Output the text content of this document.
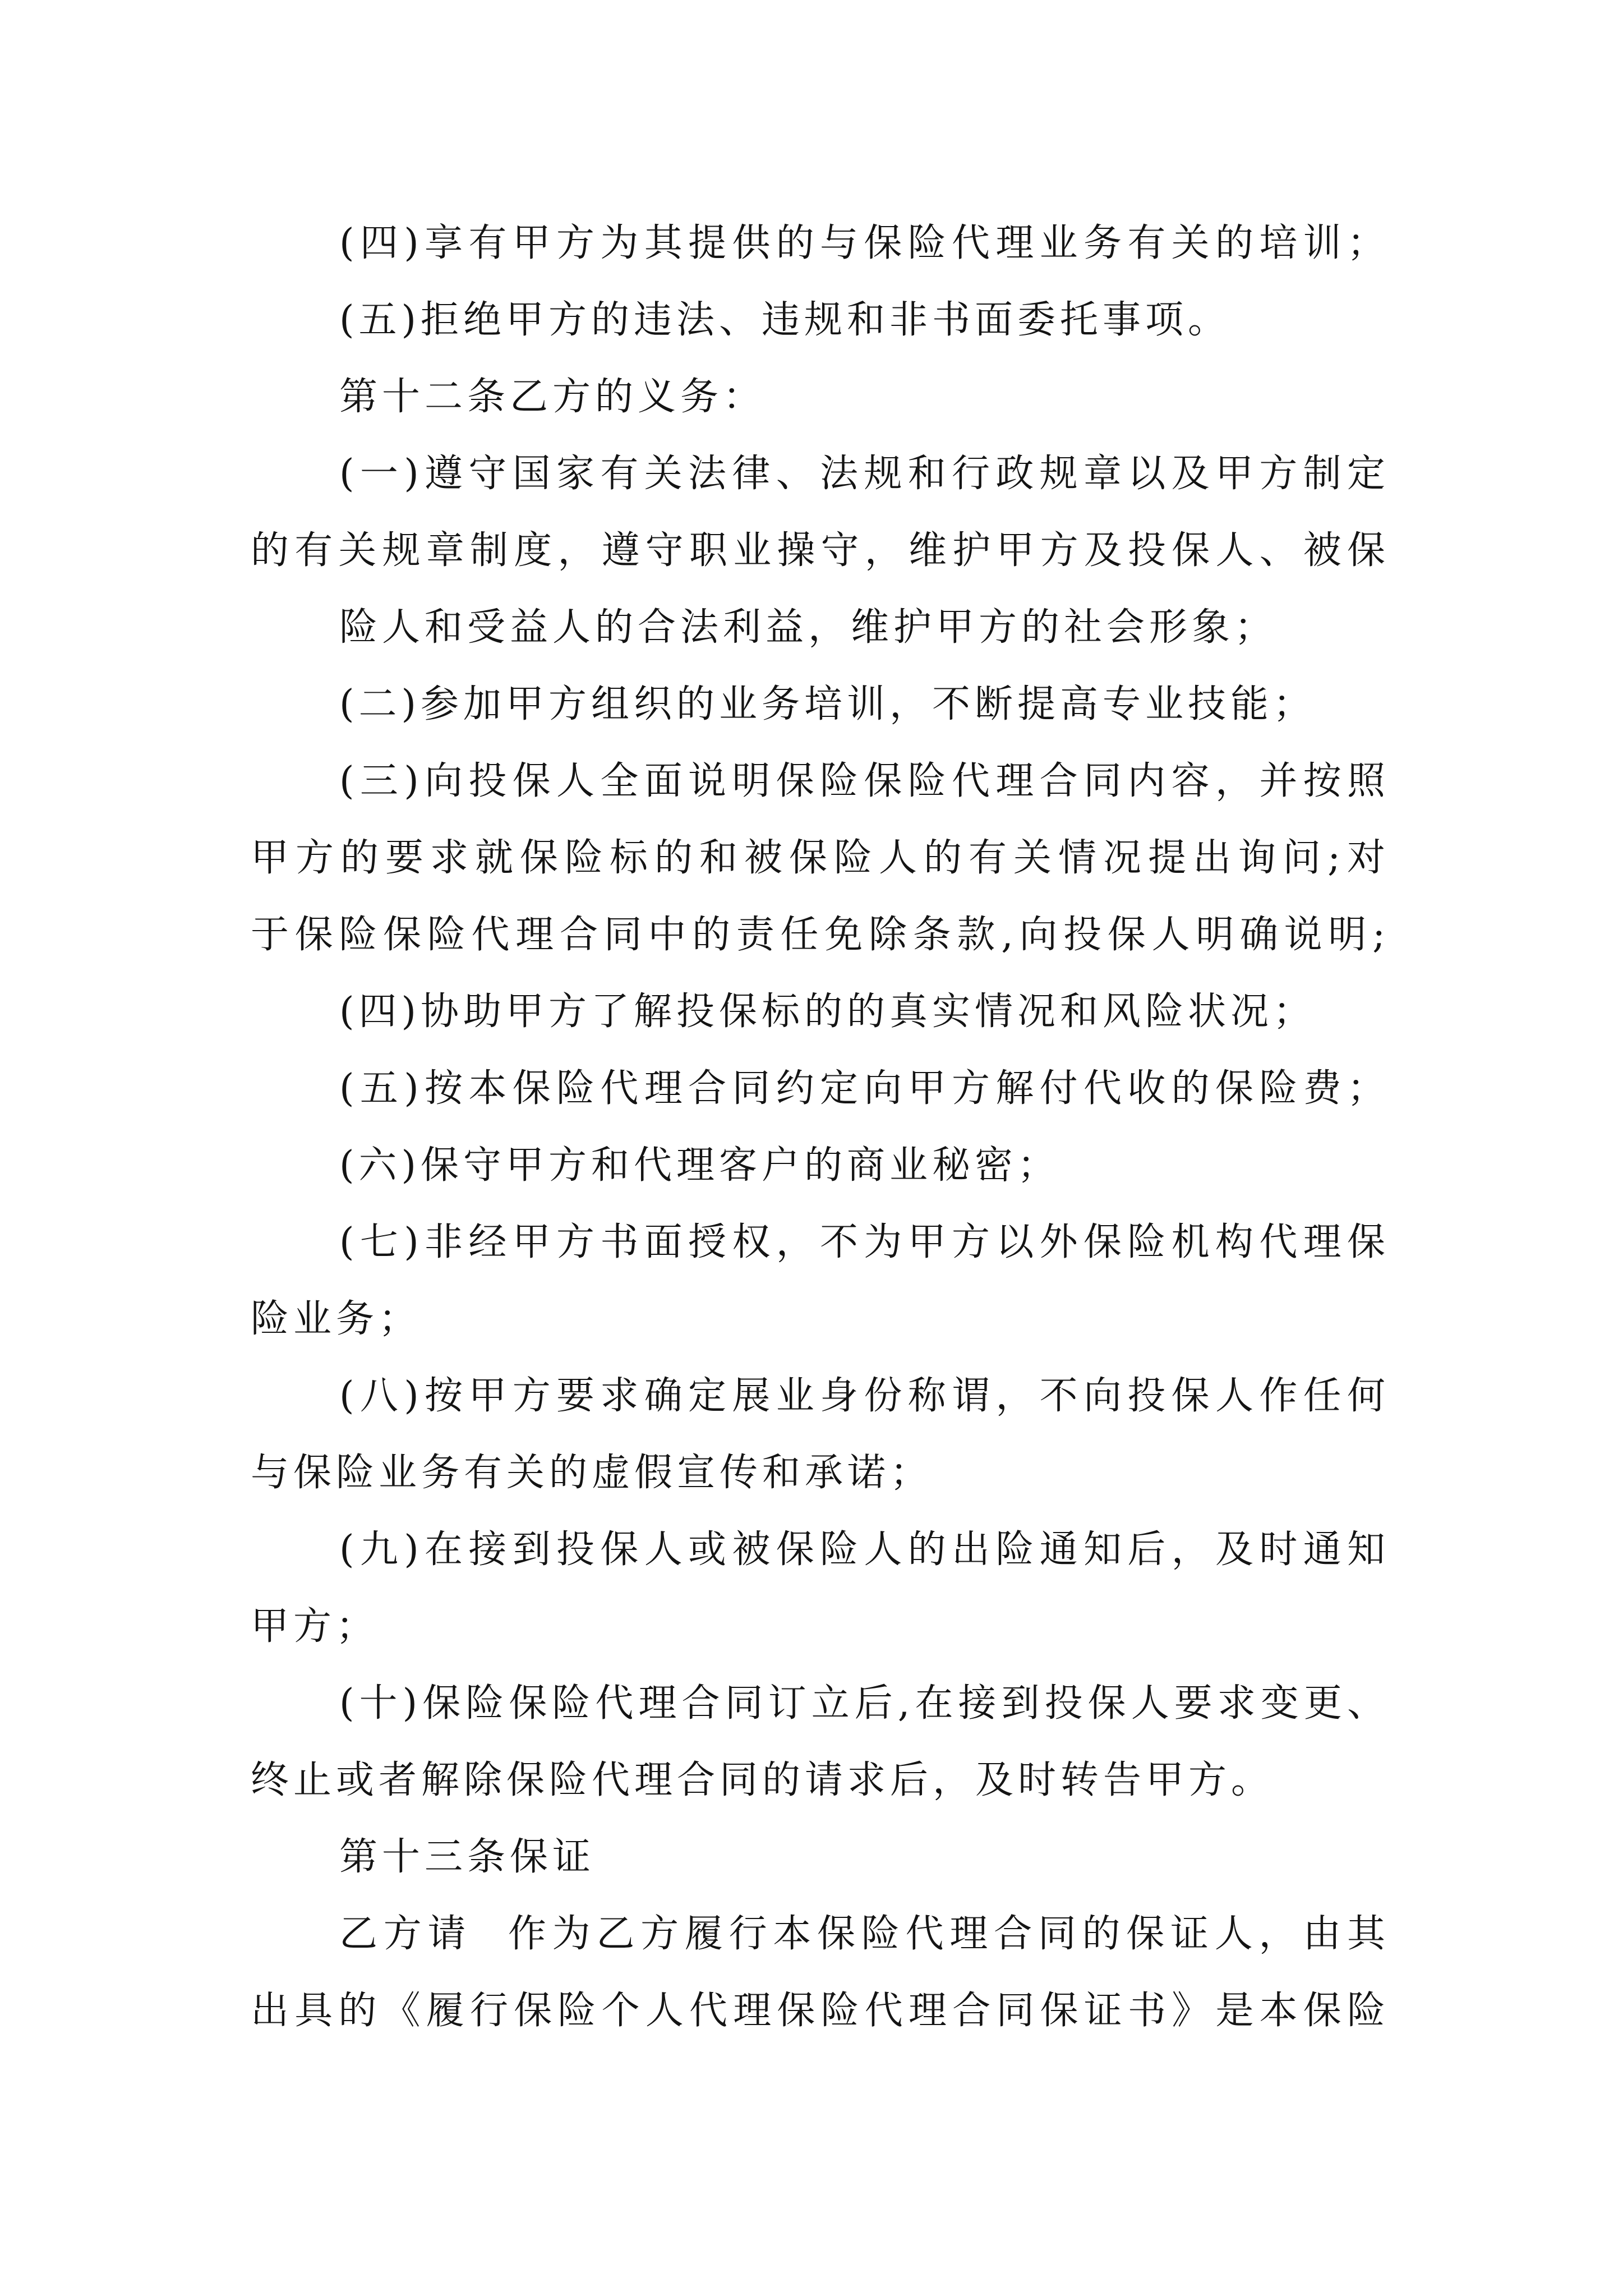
(四)享有甲方为其提供的与保险代理业务有关的培训；
(五)拒绝甲方的违法、违规和非书面委托事项。
第十二条乙方的义务：
(一)遵守国家有关法律、法规和行政规章以及甲方制定
的有关规章制度，遵守职业操守，维护甲方及投保人、被保
险人和受益人的合法利益，维护甲方的社会形象；
(二)参加甲方组织的业务培训，不断提高专业技能；
(三)向投保人全面说明保险保险代理合同内容，并按照
甲方的要求就保险标的和被保险人的有关情况提出询问;对
于保险保险代理合同中的责任免除条款,向投保人明确说明;
(四)协助甲方了解投保标的的真实情况和风险状况；
(五)按本保险代理合同约定向甲方解付代收的保险费；
(六)保守甲方和代理客户的商业秘密；
(七)非经甲方书面授权，不为甲方以外保险机构代理保
险业务；
(八)按甲方要求确定展业身份称谓，不向投保人作任何
与保险业务有关的虚假宣传和承诺；
(九)在接到投保人或被保险人的出险通知后，及时通知
甲方；
(十)保险保险代理合同订立后,在接到投保人要求变更、
终止或者解除保险代理合同的请求后，及时转告甲方。
第十三条保证
乙方请  作为乙方履行本保险代理合同的保证人，由其
出具的《履行保险个人代理保险代理合同保证书》是本保险
